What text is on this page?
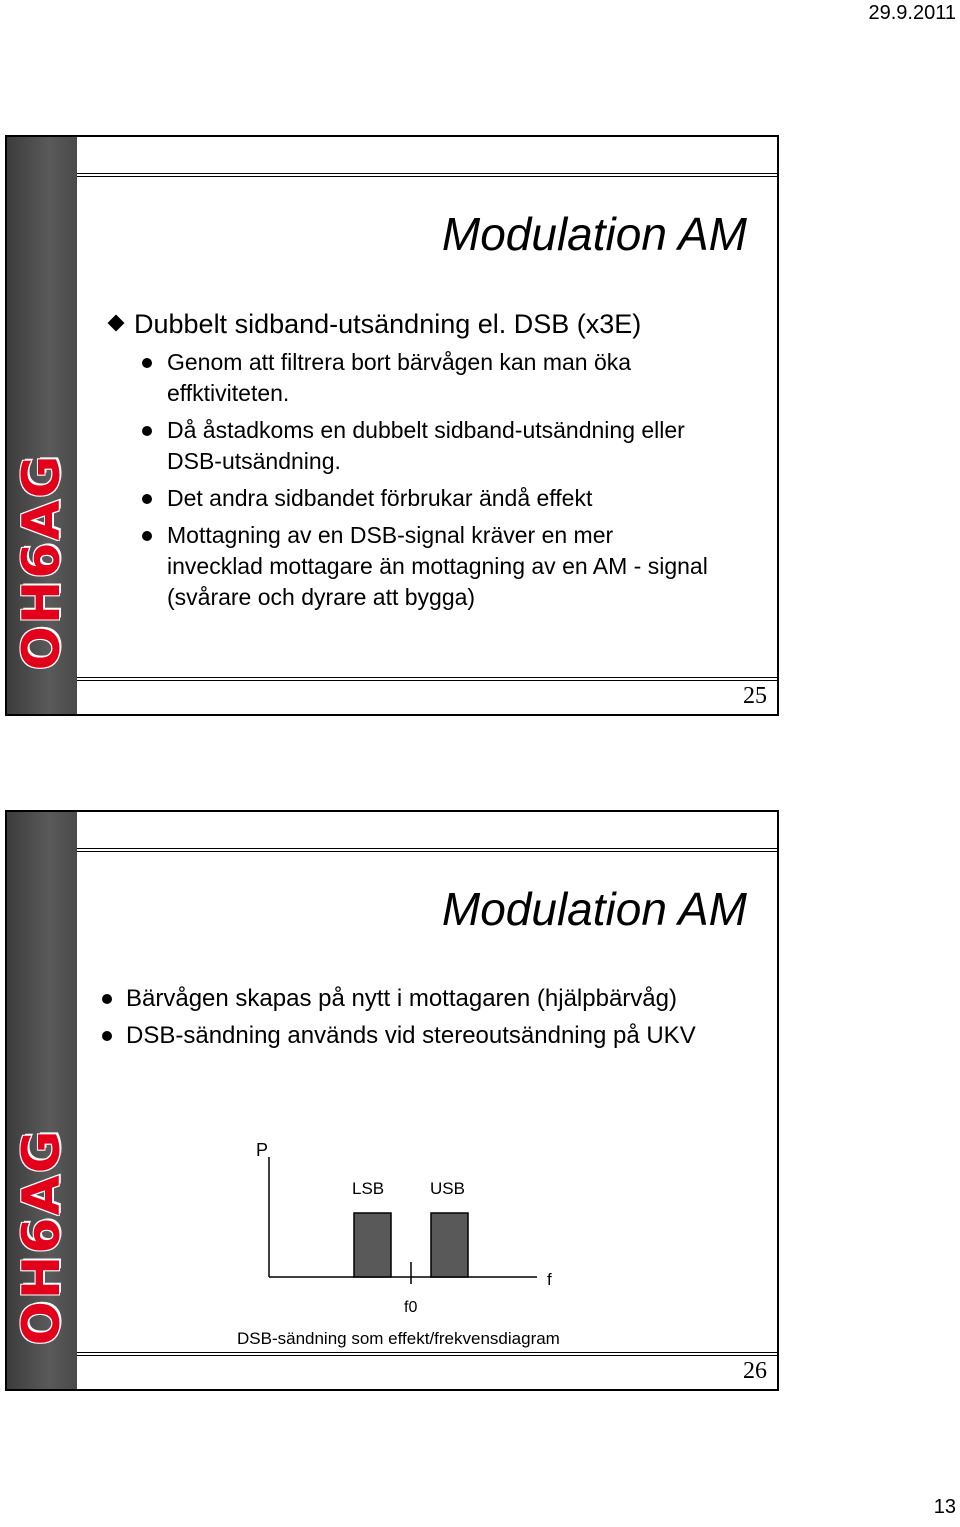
29.9.2011
OH6AG
Modulation AM
Dubbelt sidband-utsändning el. DSB (x3E)
Genom att filtrera bort bärvågen kan man öka effktiviteten.
Då åstadkoms en dubbelt sidband-utsändning eller DSB-utsändning.
Det andra sidbandet förbrukar ändå effekt
Mottagning av en DSB-signal kräver en mer invecklad mottagare än mottagning av en AM - signal (svårare och dyrare att bygga)
25
OH6AG
Modulation AM
Bärvågen skapas på nytt i mottagaren (hjälpbärvåg)
DSB-sändning används vid stereoutsändning på UKV
P
LSB	USB
f0
f
DSB-sändning som effekt/frekvensdiagram
26
13
